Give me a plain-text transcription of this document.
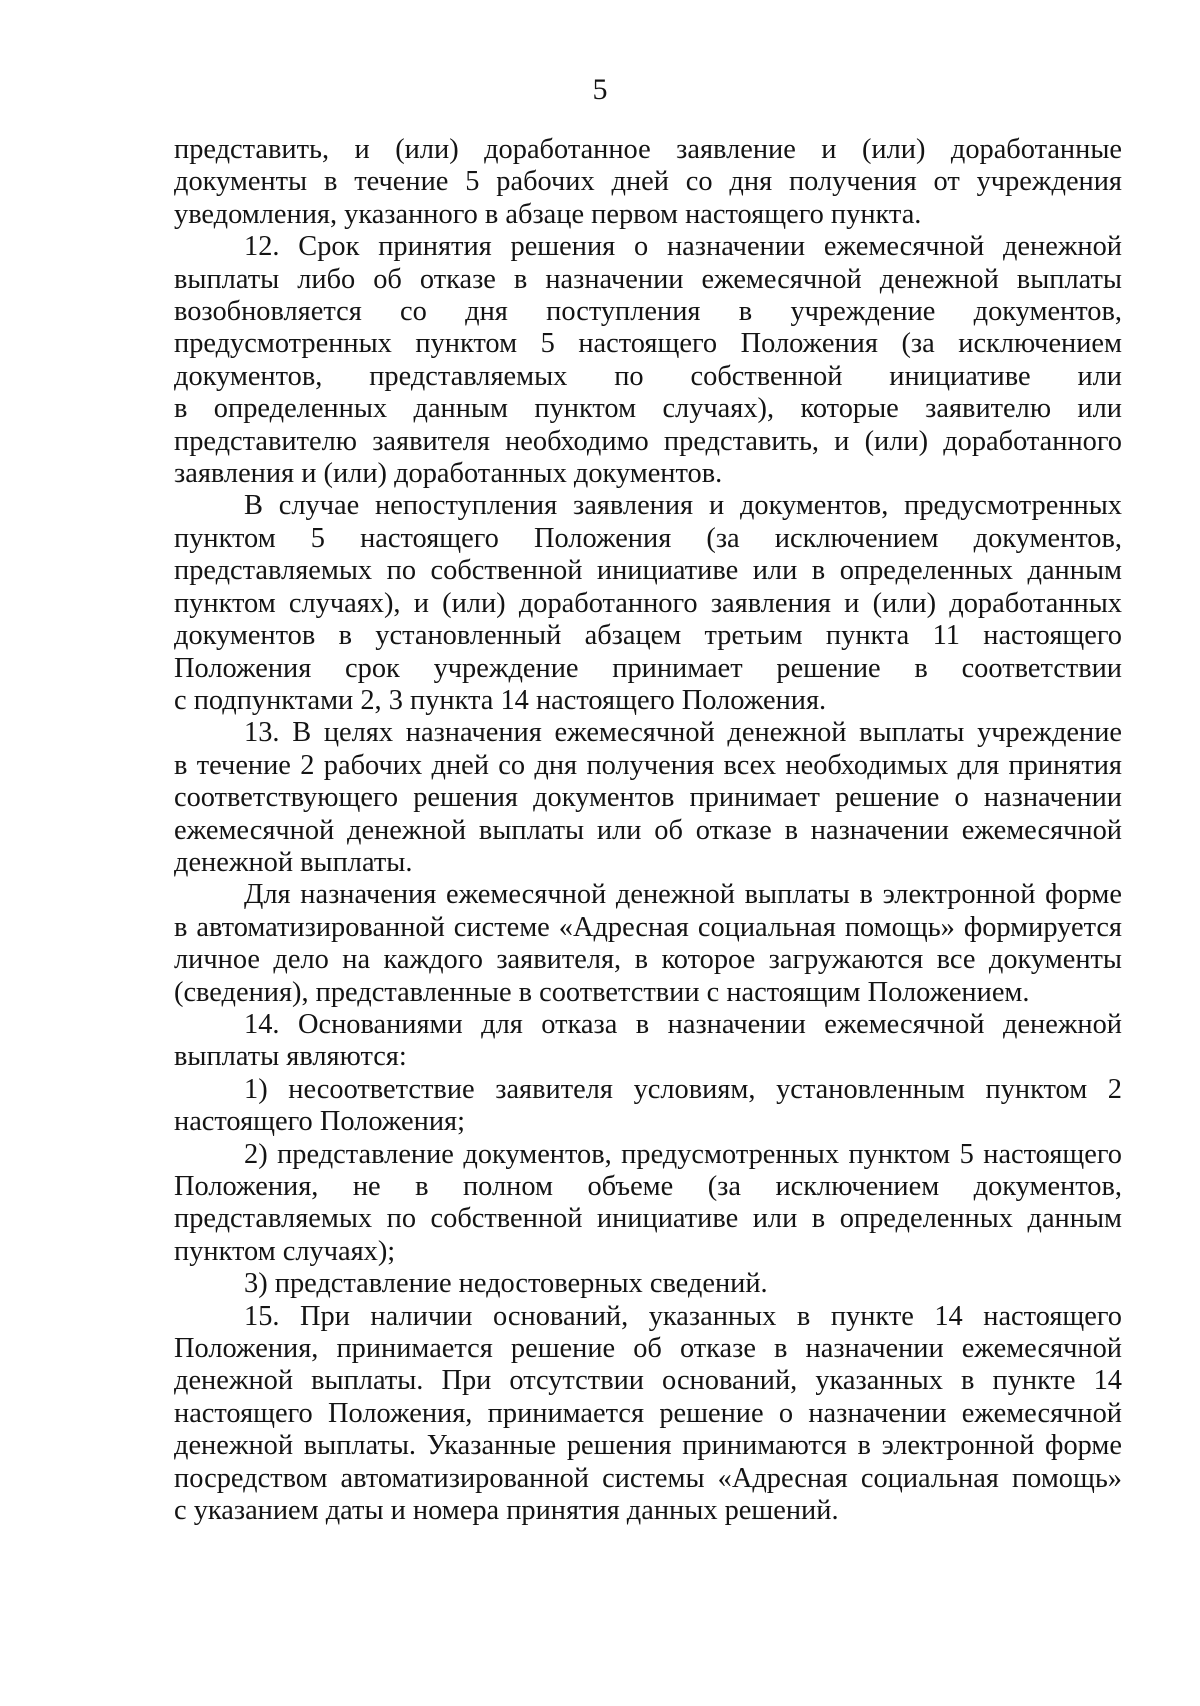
5
представить, и (или) доработанное заявление и (или) доработанные
документы в течение 5 рабочих дней со дня получения от учреждения
уведомления, указанного в абзаце первом настоящего пункта.
12. Срок принятия решения о назначении ежемесячной денежной
выплаты либо об отказе в назначении ежемесячной денежной выплаты
возобновляется со дня поступления в учреждение документов,
предусмотренных пунктом 5 настоящего Положения (за исключением
документов, представляемых по собственной инициативе или
в определенных данным пунктом случаях), которые заявителю или
представителю заявителя необходимо представить, и (или) доработанного
заявления и (или) доработанных документов.
В случае непоступления заявления и документов, предусмотренных
пунктом 5 настоящего Положения (за исключением документов,
представляемых по собственной инициативе или в определенных данным
пунктом случаях), и (или) доработанного заявления и (или) доработанных
документов в установленный абзацем третьим пункта 11 настоящего
Положения срок учреждение принимает решение в соответствии
с подпунктами 2, 3 пункта 14 настоящего Положения.
13. В целях назначения ежемесячной денежной выплаты учреждение
в течение 2 рабочих дней со дня получения всех необходимых для принятия
соответствующего решения документов принимает решение о назначении
ежемесячной денежной выплаты или об отказе в назначении ежемесячной
денежной выплаты.
Для назначения ежемесячной денежной выплаты в электронной форме
в автоматизированной системе «Адресная социальная помощь» формируется
личное дело на каждого заявителя, в которое загружаются все документы
(сведения), представленные в соответствии с настоящим Положением.
14. Основаниями для отказа в назначении ежемесячной денежной
выплаты являются:
1) несоответствие заявителя условиям, установленным пунктом 2
настоящего Положения;
2) представление документов, предусмотренных пунктом 5 настоящего
Положения, не в полном объеме (за исключением документов,
представляемых по собственной инициативе или в определенных данным
пунктом случаях);
3) представление недостоверных сведений.
15. При наличии оснований, указанных в пункте 14 настоящего
Положения, принимается решение об отказе в назначении ежемесячной
денежной выплаты. При отсутствии оснований, указанных в пункте 14
настоящего Положения, принимается решение о назначении ежемесячной
денежной выплаты. Указанные решения принимаются в электронной форме
посредством автоматизированной системы «Адресная социальная помощь»
с указанием даты и номера принятия данных решений.
